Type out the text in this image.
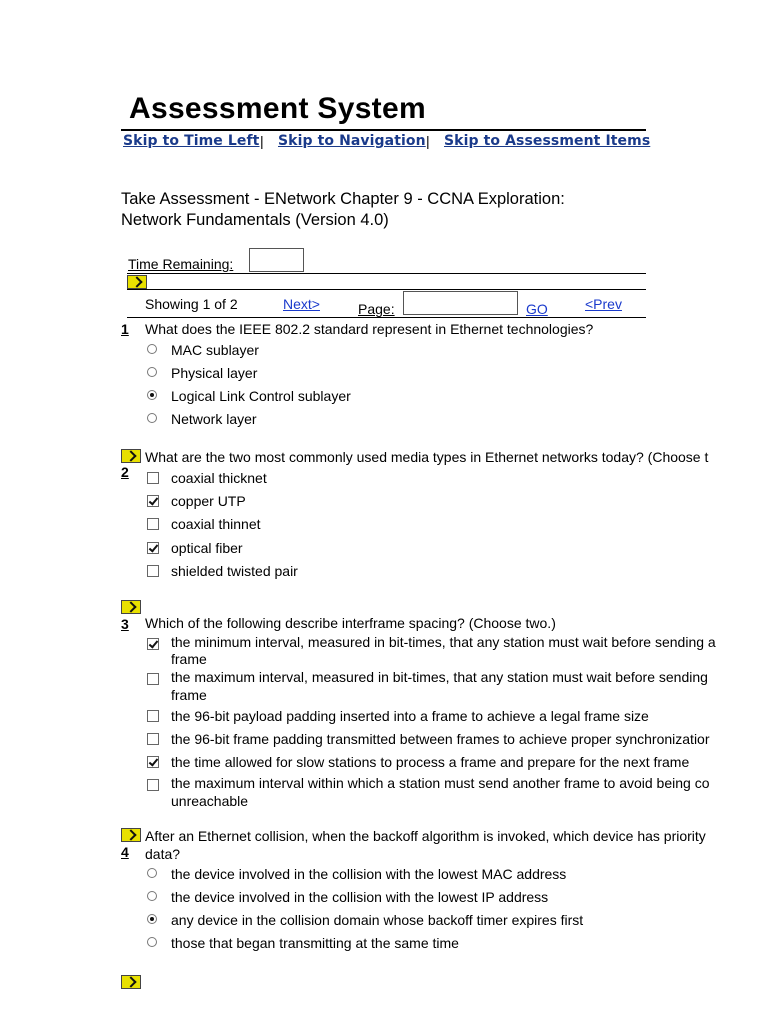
Assessment System
Skip to Time Left | Skip to Navigation | Skip to Assessment Items
Take Assessment - ENetwork Chapter 9 - CCNA Exploration:
Network Fundamentals (Version 4.0)
Time Remaining:
Showing 1 of 2	Next>	Page:	GO	<Prev
1 What does the IEEE 802.2 standard represent in Ethernet technologies?
MAC sublayer
Physical layer
Logical Link Control sublayer
Network layer
What are the two most commonly used media types in Ethernet networks today? (Choose t
2	coaxial thicknet
copper UTP
coaxial thinnet
optical fiber
shielded twisted pair
Which of the following describe interframe spacing? (Choose two.)
3
the minimum interval, measured in bit-times, that any station must wait before sending a
frame
the maximum interval, measured in bit-times, that any station must wait before sending
frame
the 96-bit payload padding inserted into a frame to achieve a legal frame size
the 96-bit frame padding transmitted between frames to achieve proper synchronizatior
the time allowed for slow stations to process a frame and prepare for the next frame
the maximum interval within which a station must send another frame to avoid being co
unreachable
After an Ethernet collision, when the backoff algorithm is invoked, which device has priority
data?
4
the device involved in the collision with the lowest MAC address
the device involved in the collision with the lowest IP address
any device in the collision domain whose backoff timer expires first
those that began transmitting at the same time
